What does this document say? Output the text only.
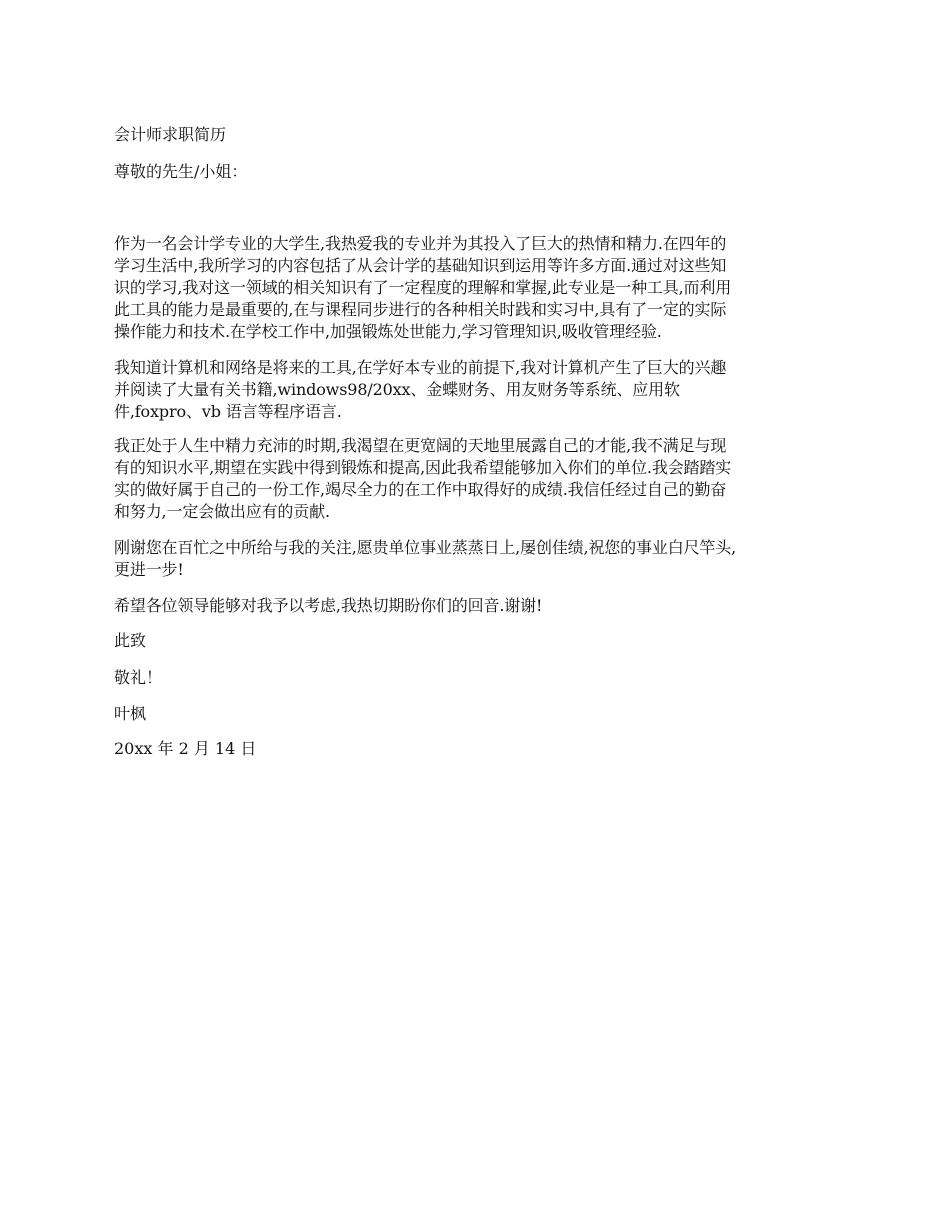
会计师求职简历

尊敬的先生/小姐：

作为一名会计学专业的大学生,我热爱我的专业并为其投入了巨大的热情和精力.在四年的

学习生活中,我所学习的内容包括了从会计学的基础知识到运用等许多方面.通过对这些知

识的学习,我对这一领域的相关知识有了一定程度的理解和掌握,此专业是一种工具,而利用

此工具的能力是最重要的,在与课程同步进行的各种相关时践和实习中,具有了一定的实际

操作能力和技术.在学校工作中,加强锻炼处世能力,学习管理知识,吸收管理经验.

我知道计算机和网络是将来的工具,在学好本专业的前提下,我对计算机产生了巨大的兴趣

并阅读了大量有关书籍,windows98/20xx、金蝶财务、用友财务等系统、应用软

件,foxpro、vb 语言等程序语言.

我正处于人生中精力充沛的时期,我渴望在更宽阔的天地里展露自己的才能,我不满足与现

有的知识水平,期望在实践中得到锻炼和提高,因此我希望能够加入你们的单位.我会踏踏实

实的做好属于自己的一份工作,竭尽全力的在工作中取得好的成绩.我信任经过自己的勤奋

和努力,一定会做出应有的贡献.

刚谢您在百忙之中所给与我的关注,愿贵单位事业蒸蒸日上,屡创佳绩,祝您的事业白尺竿头,

更进一步!

希望各位领导能够对我予以考虑,我热切期盼你们的回音.谢谢!

此致

敬礼！

叶枫

20xx 年 2 月 14 日
